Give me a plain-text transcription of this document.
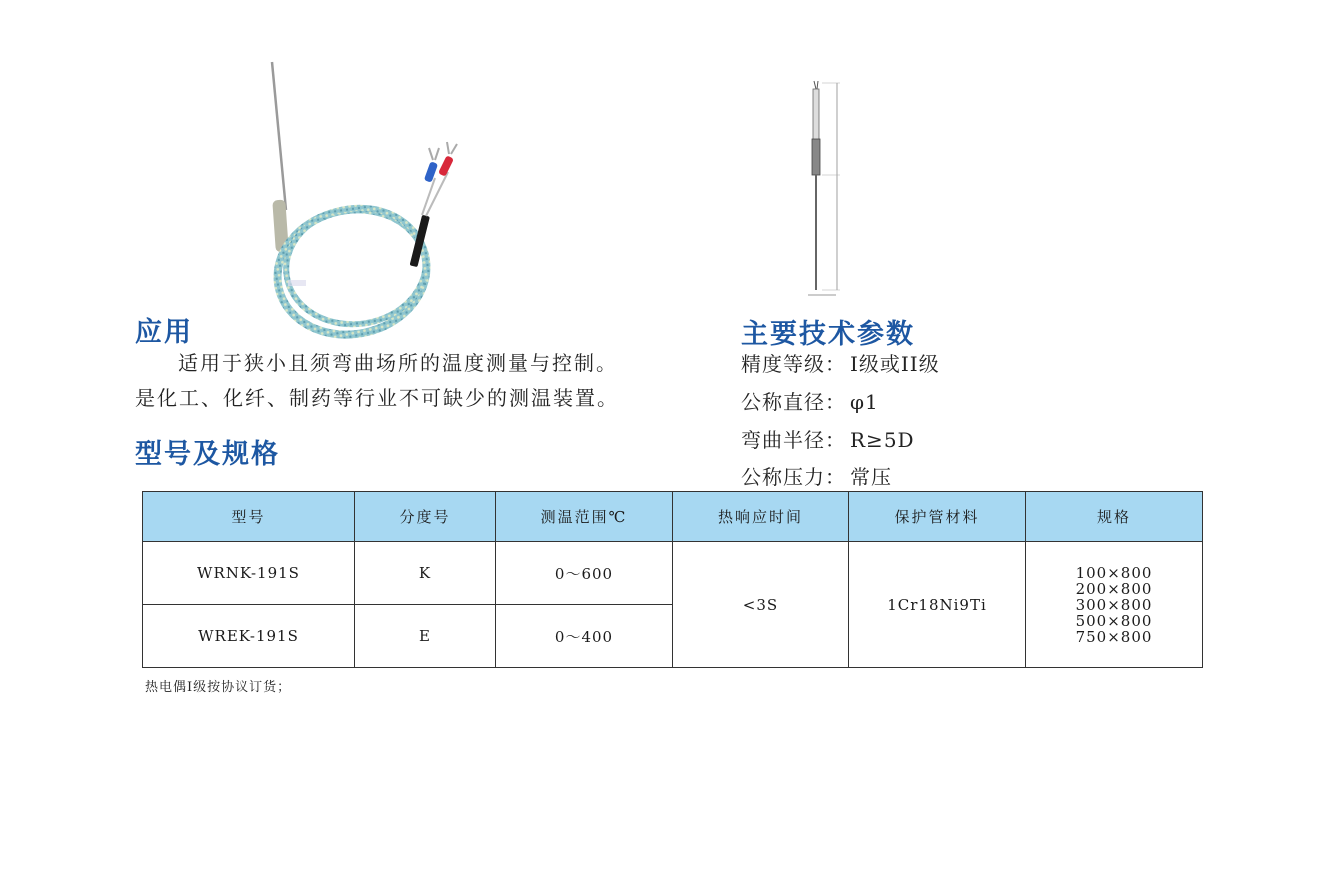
应用
适用于狭小且须弯曲场所的温度测量与控制。
是化工、化纤、制药等行业不可缺少的测温装置。
型号及规格
主要技术参数
精度等级： I级或II级
公称直径： φ1
弯曲半径： R≥5D
公称压力： 常压
型号	分度号	测温范围℃	热响应时间	保护管材料	规格
WRNK-191S	K	0～600	<3S	1Cr18Ni9Ti	100×800
200×800
300×800
500×800
750×800

WREK-191S	E	0～400			
热电偶I级按协议订货；
